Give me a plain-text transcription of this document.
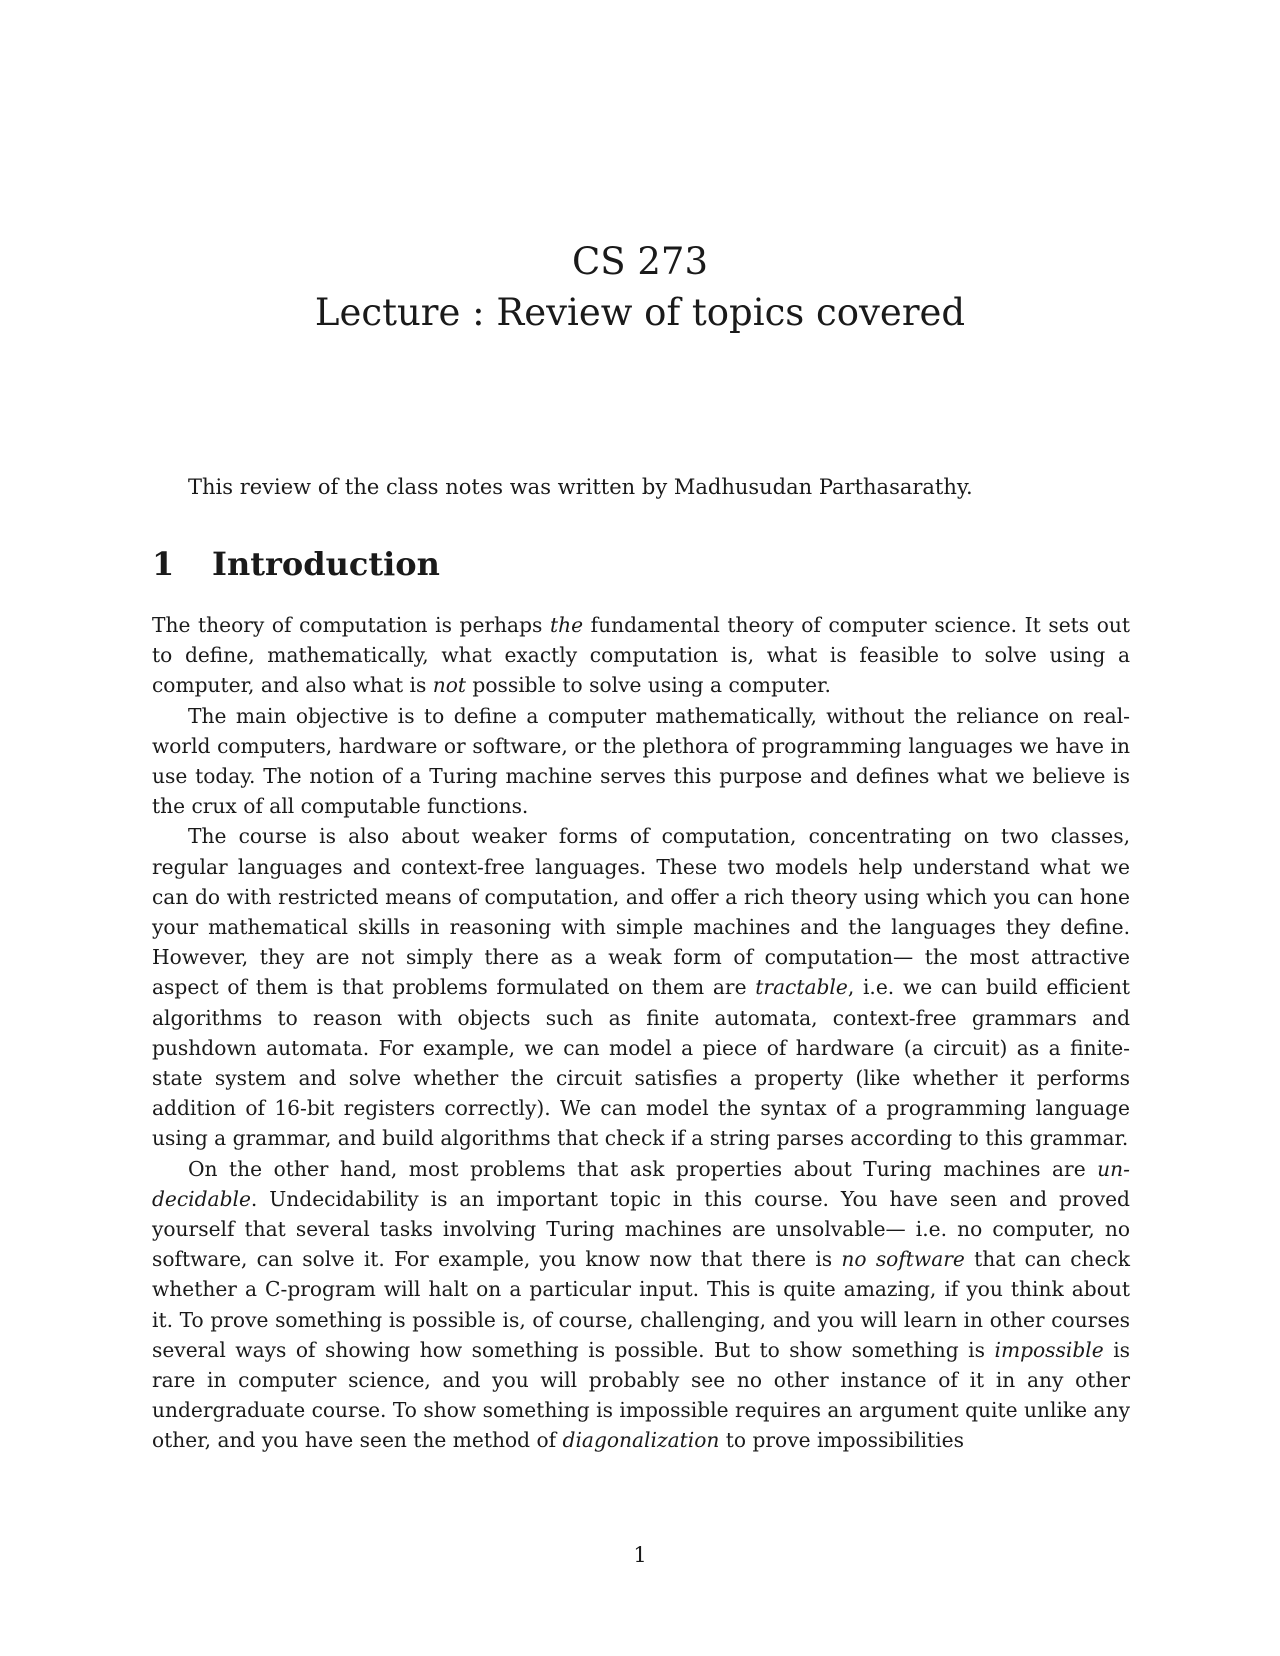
CS 273
Lecture : Review of topics covered
This review of the class notes was written by Madhusudan Parthasarathy.
1 Introduction

The theory of computation is perhaps the fundamental theory of computer science. It sets out to define, mathematically, what exactly computation is, what is feasible to solve using a computer, and also what is not possible to solve using a computer.

The main objective is to define a computer mathematically, without the reliance on real-world computers, hardware or software, or the plethora of programming languages we have in use today. The notion of a Turing machine serves this purpose and defines what we believe is the crux of all computable functions.

The course is also about weaker forms of computation, concentrating on two classes, regular languages and context-free languages. These two models help understand what we can do with restricted means of computation, and offer a rich theory using which you can hone your mathematical skills in reasoning with simple machines and the languages they define. However, they are not simply there as a weak form of computation— the most attractive aspect of them is that problems formulated on them are tractable, i.e. we can build efficient algorithms to reason with objects such as finite automata, context-free grammars and pushdown automata. For example, we can model a piece of hardware (a circuit) as a finite-state system and solve whether the circuit satisfies a property (like whether it performs addition of 16-bit registers correctly). We can model the syntax of a programming language using a grammar, and build algorithms that check if a string parses according to this grammar.

On the other hand, most problems that ask properties about Turing machines are undecidable. Undecidability is an important topic in this course. You have seen and proved yourself that several tasks involving Turing machines are unsolvable— i.e. no computer, no software, can solve it. For example, you know now that there is no software that can check whether a C-program will halt on a particular input. This is quite amazing, if you think about it. To prove something is possible is, of course, challenging, and you will learn in other courses several ways of showing how something is possible. But to show something is impossible is rare in computer science, and you will probably see no other instance of it in any other undergraduate course. To show something is impossible requires an argument quite unlike any other, and you have seen the method of diagonalization to prove impossibilities

1
